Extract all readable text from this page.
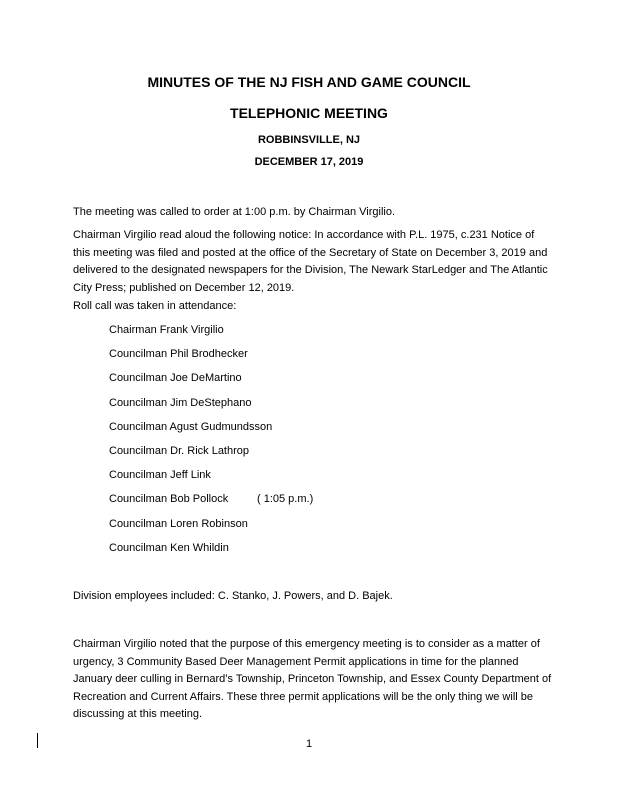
MINUTES OF THE NJ FISH AND GAME COUNCIL
TELEPHONIC MEETING
ROBBINSVILLE, NJ
DECEMBER 17, 2019
The meeting was called to order at 1:00 p.m. by Chairman Virgilio.
Chairman Virgilio read aloud the following notice: In accordance with P.L. 1975, c.231 Notice of this meeting was filed and posted at the office of the Secretary of State on December 3, 2019 and delivered to the designated newspapers for the Division, The Newark StarLedger and The Atlantic City Press; published on December 12, 2019.
Roll call was taken in attendance:
Chairman Frank Virgilio
Councilman Phil Brodhecker
Councilman Joe DeMartino
Councilman Jim DeStephano
Councilman Agust Gudmundsson
Councilman Dr. Rick Lathrop
Councilman Jeff Link
Councilman Bob Pollock	( 1:05 p.m.)
Councilman Loren Robinson
Councilman Ken Whildin
Division employees included: C. Stanko, J. Powers, and D. Bajek.
Chairman Virgilio noted that the purpose of this emergency meeting is to consider as a matter of urgency, 3 Community Based Deer Management Permit applications in time for the planned January deer culling in Bernard’s Township, Princeton Township, and Essex County Department of Recreation and Current Affairs. These three permit applications will be the only thing we will be discussing at this meeting.
1
